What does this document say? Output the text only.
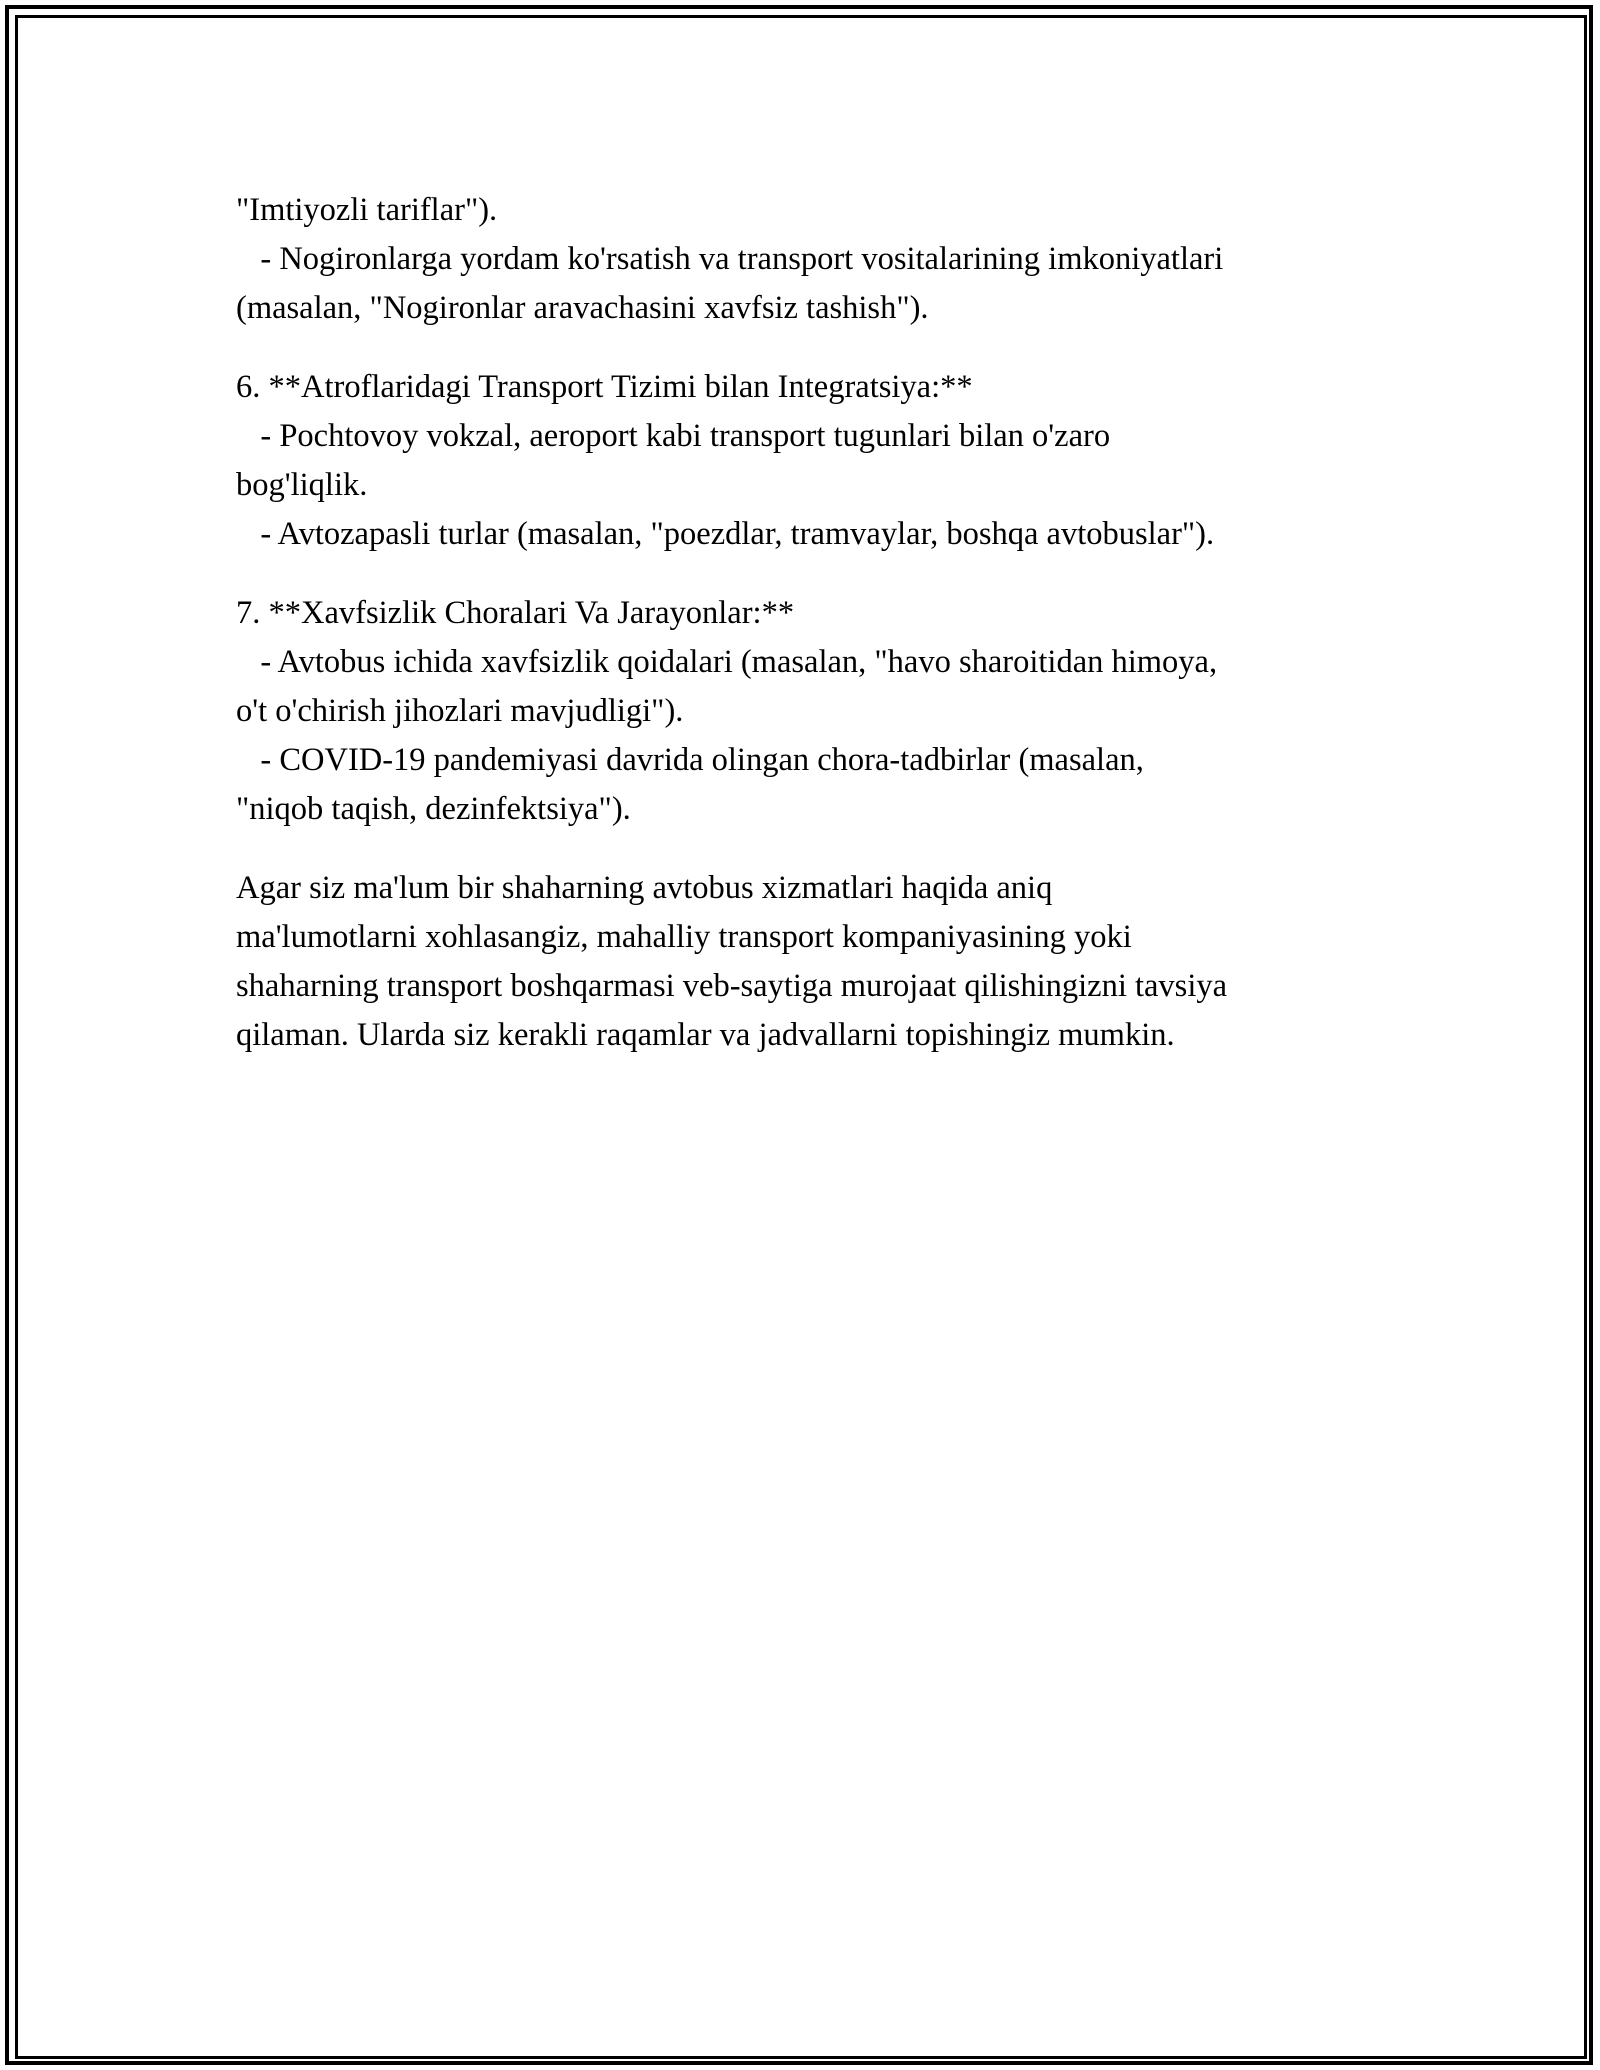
"Imtiyozli tariflar").
- Nogironlarga yordam ko'rsatish va transport vositalarining imkoniyatlari
(masalan, "Nogironlar aravachasini xavfsiz tashish").
6. **Atroflaridagi Transport Tizimi bilan Integratsiya:**
- Pochtovoy vokzal, aeroport kabi transport tugunlari bilan o'zaro
bog'liqlik.
- Avtozapasli turlar (masalan, "poezdlar, tramvaylar, boshqa avtobuslar").
7. **Xavfsizlik Choralari Va Jarayonlar:**
- Avtobus ichida xavfsizlik qoidalari (masalan, "havo sharoitidan himoya,
o't o'chirish jihozlari mavjudligi").
- COVID-19 pandemiyasi davrida olingan chora-tadbirlar (masalan,
"niqob taqish, dezinfektsiya").
Agar siz ma'lum bir shaharning avtobus xizmatlari haqida aniq
ma'lumotlarni xohlasangiz, mahalliy transport kompaniyasining yoki
shaharning transport boshqarmasi veb-saytiga murojaat qilishingizni tavsiya
qilaman. Ularda siz kerakli raqamlar va jadvallarni topishingiz mumkin.
